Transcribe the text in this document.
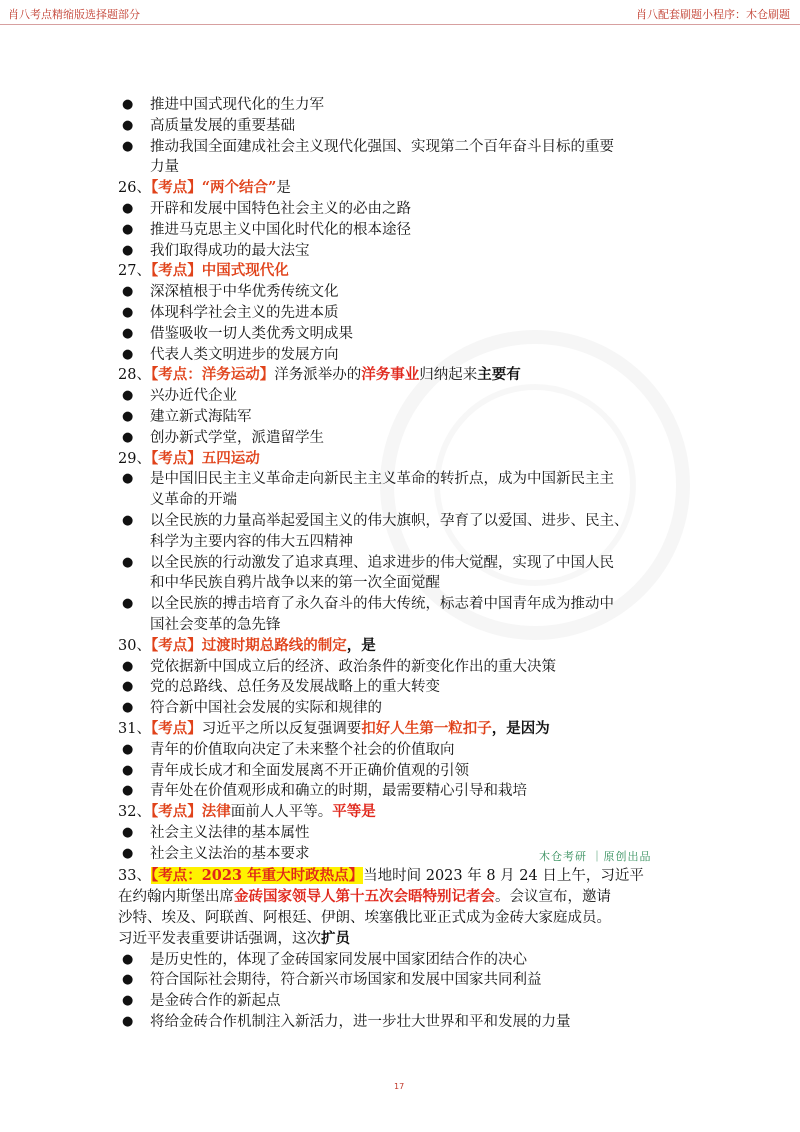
肖八考点精缩版选择题部分	肖八配套刷题小程序：木仓刷题
● 推进中国式现代化的生力军
● 高质量发展的重要基础
● 推动我国全面建成社会主义现代化强国、实现第二个百年奋斗目标的重要
力量
26、【考点】“两个结合”是
● 开辟和发展中国特色社会主义的必由之路
● 推进马克思主义中国化时代化的根本途径
● 我们取得成功的最大法宝
27、【考点】中国式现代化
● 深深植根于中华优秀传统文化
● 体现科学社会主义的先进本质
● 借鉴吸收一切人类优秀文明成果
● 代表人类文明进步的发展方向
28、【考点：洋务运动】洋务派举办的洋务事业归纳起来主要有
● 兴办近代企业
● 建立新式海陆军
● 创办新式学堂，派遣留学生
29、【考点】五四运动
● 是中国旧民主主义革命走向新民主主义革命的转折点，成为中国新民主主
义革命的开端
● 以全民族的力量高举起爱国主义的伟大旗帜，孕育了以爱国、进步、民主、
科学为主要内容的伟大五四精神
● 以全民族的行动激发了追求真理、追求进步的伟大觉醒，实现了中国人民
和中华民族自鸦片战争以来的第一次全面觉醒
● 以全民族的搏击培育了永久奋斗的伟大传统，标志着中国青年成为推动中
国社会变革的急先锋
30、【考点】过渡时期总路线的制定，是
● 党依据新中国成立后的经济、政治条件的新变化作出的重大决策
● 党的总路线、总任务及发展战略上的重大转变
● 符合新中国社会发展的实际和规律的
31、【考点】习近平之所以反复强调要扣好人生第一粒扣子，是因为
● 青年的价值取向决定了未来整个社会的价值取向
● 青年成长成才和全面发展离不开正确价值观的引领
● 青年处在价值观形成和确立的时期，最需要精心引导和栽培
32、【考点】法律面前人人平等。平等是
● 社会主义法律的基本属性
● 社会主义法治的基本要求
33、【考点：2023 年重大时政热点】当地时间 2023 年 8 月 24 日上午，习近平
在约翰内斯堡出席金砖国家领导人第十五次会晤特别记者会。会议宣布，邀请
沙特、埃及、阿联酋、阿根廷、伊朗、埃塞俄比亚正式成为金砖大家庭成员。
习近平发表重要讲话强调，这次扩员
● 是历史性的，体现了金砖国家同发展中国家团结合作的决心
● 符合国际社会期待，符合新兴市场国家和发展中国家共同利益
● 是金砖合作的新起点
● 将给金砖合作机制注入新活力，进一步壮大世界和平和发展的力量
木仓考研 ｜原创出品
17
